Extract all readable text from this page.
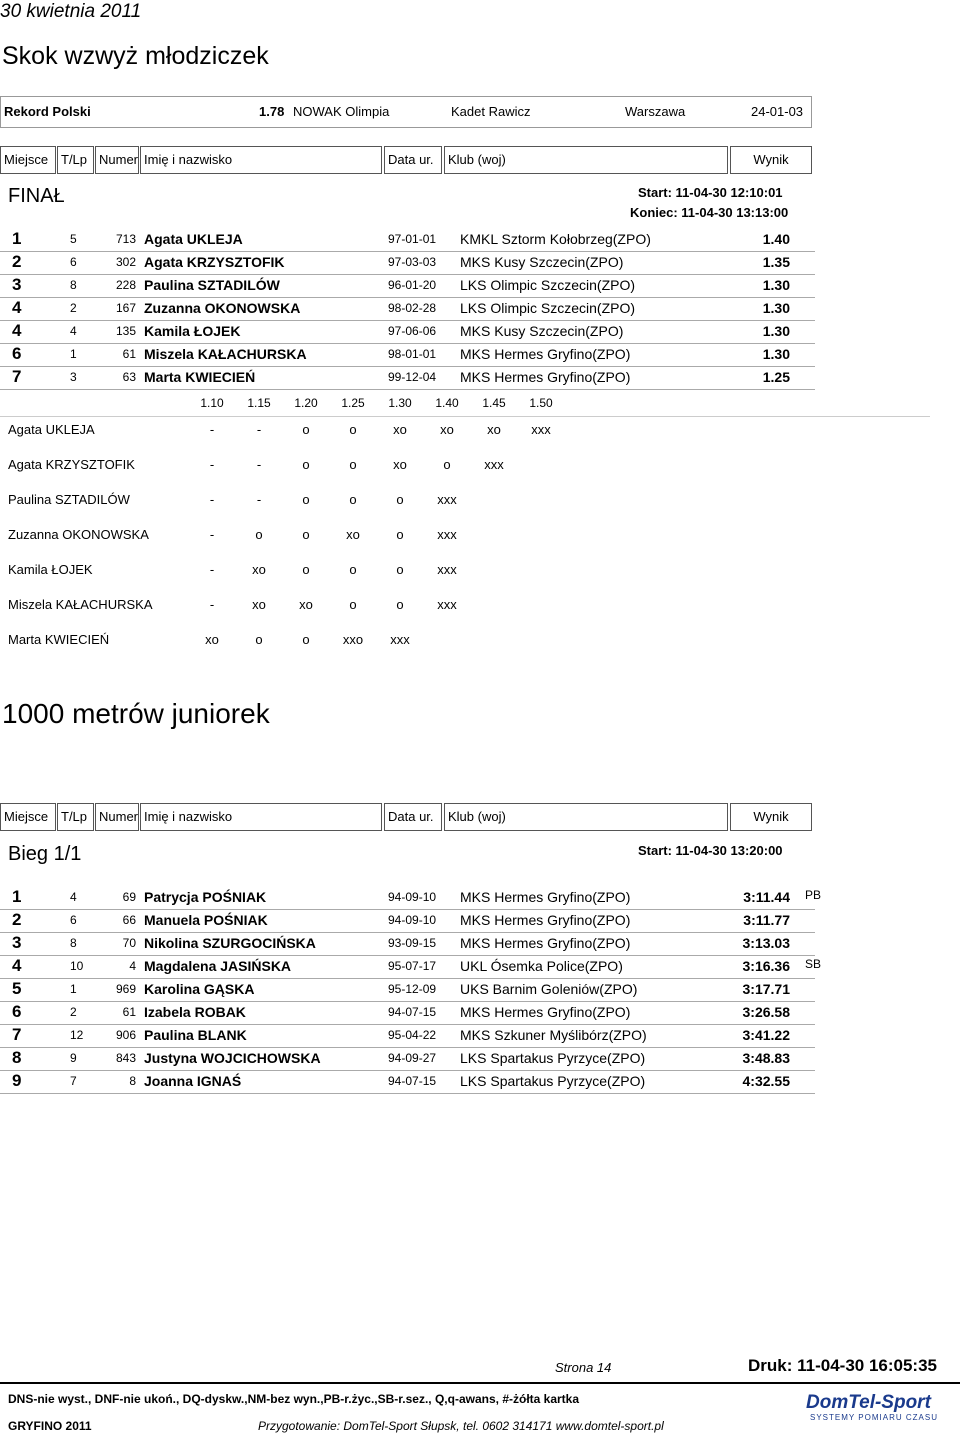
30 kwietnia 2011
Skok wzwyż młodziczek
Rekord Polski	1.78 NOWAK Olimpia	Kadet Rawicz	Warszawa	24-01-03
Miejsce T/Lp Numer Imię i nazwisko	Data ur.	Klub (woj)	Wynik
FINAŁ	Start: 11-04-30 12:10:01
Koniec: 11-04-30 13:13:00
1	5	713 Agata UKLEJA	97-01-01 KMKL Sztorm Kołobrzeg(ZPO)	1.40
2	6	302 Agata KRZYSZTOFIK	97-03-03 MKS Kusy Szczecin(ZPO)	1.35
3	8	228 Paulina SZTADILÓW	96-01-20 LKS Olimpic Szczecin(ZPO)	1.30
4	2	167 Zuzanna OKONOWSKA	98-02-28 LKS Olimpic Szczecin(ZPO)	1.30
4	4	135 Kamila ŁOJEK	97-06-06 MKS Kusy Szczecin(ZPO)	1.30
6	1	61 Miszela KAŁACHURSKA	98-01-01 MKS Hermes Gryfino(ZPO)	1.30
7	3	63 Marta KWIECIEŃ	99-12-04 MKS Hermes Gryfino(ZPO)	1.25
1.10	1.15	1.20	1.25	1.30	1.40	1.45	1.50
Agata UKLEJA	-	-	o	o	xo	xo	xo	xxx
Agata KRZYSZTOFIK	-	-	o	o	xo	o	xxx
Paulina SZTADILÓW	-	-	o	o	o	xxx
Zuzanna OKONOWSKA	-	o	o	xo	o	xxx
Kamila ŁOJEK	-	xo	o	o	o	xxx
Miszela KAŁACHURSKA	-	xo	xo	o	o	xxx
Marta KWIECIEŃ	xo	o	o	xxo	xxx
1000 metrów juniorek
Miejsce T/Lp Numer Imię i nazwisko	Data ur.	Klub (woj)	Wynik
Bieg 1/1	Start: 11-04-30 13:20:00
1	4	69 Patrycja POŚNIAK	94-09-10 MKS Hermes Gryfino(ZPO)	3:11.44 PB
2	6	66 Manuela POŚNIAK	94-09-10 MKS Hermes Gryfino(ZPO)	3:11.77
3	8	70 Nikolina SZURGOCIŃSKA	93-09-15 MKS Hermes Gryfino(ZPO)	3:13.03
4	10	4 Magdalena JASIŃSKA	95-07-17 UKL Ósemka Police(ZPO)	3:16.36 SB
5	1	969 Karolina GĄSKA	95-12-09 UKS Barnim Goleniów(ZPO)	3:17.71
6	2	61 Izabela ROBAK	94-07-15 MKS Hermes Gryfino(ZPO)	3:26.58
7	12	906 Paulina BLANK	95-04-22 MKS Szkuner Myślibórz(ZPO)	3:41.22
8	9	843 Justyna WOJCICHOWSKA	94-09-27 LKS Spartakus Pyrzyce(ZPO)	3:48.83
9	7	8 Joanna IGNAŚ	94-07-15 LKS Spartakus Pyrzyce(ZPO)	4:32.55
Strona 14	Druk: 11-04-30 16:05:35
DNS-nie wyst., DNF-nie ukoń., DQ-dyskw.,NM-bez wyn.,PB-r.życ.,SB-r.sez., Q,q-awans, #-żółta kartka
GRYFINO 2011	Przygotowanie: DomTel-Sport Słupsk, tel. 0602 314171 www.domtel-sport.pl
DomTel-Sport
SYSTEMY POMIARU CZASU
